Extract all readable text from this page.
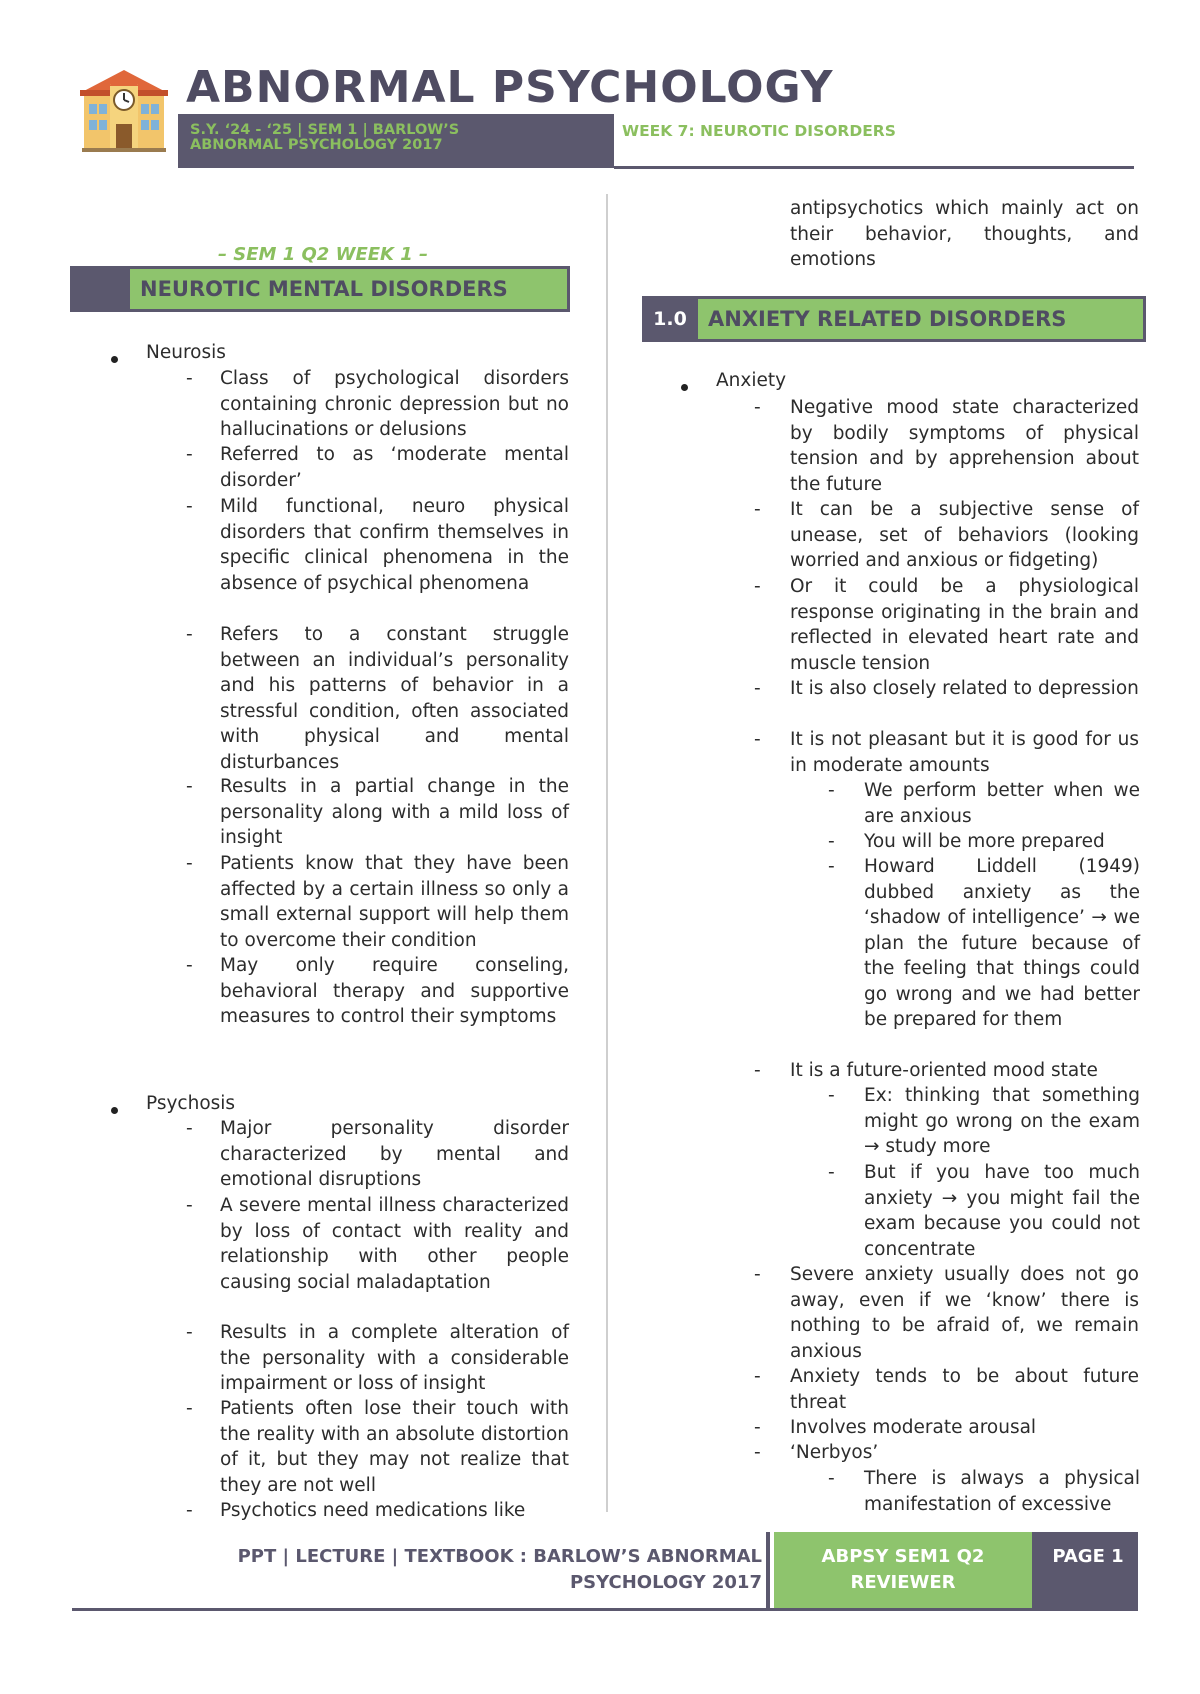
ABNORMAL PSYCHOLOGY
S.Y. ‘24 - ‘25 | SEM 1 | BARLOW’S
ABNORMAL PSYCHOLOGY 2017
WEEK 7: NEUROTIC DISORDERS
– SEM 1 Q2 WEEK 1 –
NEUROTIC MENTAL DISORDERS
Neurosis
- Class of psychological disorders containing chronic depression but no hallucinations or delusions
- Referred to as ‘moderate mental disorder’
- Mild functional, neuro physical disorders that confirm themselves in specific clinical phenomena in the absence of psychical phenomena
- Refers to a constant struggle between an individual’s personality and his patterns of behavior in a stressful condition, often associated with physical and mental disturbances
- Results in a partial change in the personality along with a mild loss of insight
- Patients know that they have been affected by a certain illness so only a small external support will help them to overcome their condition
- May only require conseling, behavioral therapy and supportive measures to control their symptoms
Psychosis
- Major personality disorder characterized by mental and emotional disruptions
- A severe mental illness characterized by loss of contact with reality and relationship with other people causing social maladaptation
- Results in a complete alteration of the personality with a considerable impairment or loss of insight
- Patients often lose their touch with the reality with an absolute distortion of it, but they may not realize that they are not well
- Psychotics need medications like
antipsychotics which mainly act on their behavior, thoughts, and emotions
1.0	ANXIETY RELATED DISORDERS
Anxiety
- Negative mood state characterized by bodily symptoms of physical tension and by apprehension about the future
- It can be a subjective sense of unease, set of behaviors (looking worried and anxious or fidgeting)
- Or it could be a physiological response originating in the brain and reflected in elevated heart rate and muscle tension
- It is also closely related to depression
- It is not pleasant but it is good for us in moderate amounts
- We perform better when we are anxious
- You will be more prepared
- Howard Liddell (1949) dubbed anxiety as the ‘shadow of intelligence’ → we plan the future because of the feeling that things could go wrong and we had better be prepared for them
- It is a future-oriented mood state
- Ex: thinking that something might go wrong on the exam → study more
- But if you have too much anxiety → you might fail the exam because you could not concentrate
- Severe anxiety usually does not go away, even if we ‘know’ there is nothing to be afraid of, we remain anxious
- Anxiety tends to be about future threat
- Involves moderate arousal
- ‘Nerbyos’
- There is always a physical manifestation of excessive
PPT | LECTURE | TEXTBOOK : BARLOW’S ABNORMAL
PSYCHOLOGY 2017
ABPSY SEM1 Q2
REVIEWER
PAGE 1
